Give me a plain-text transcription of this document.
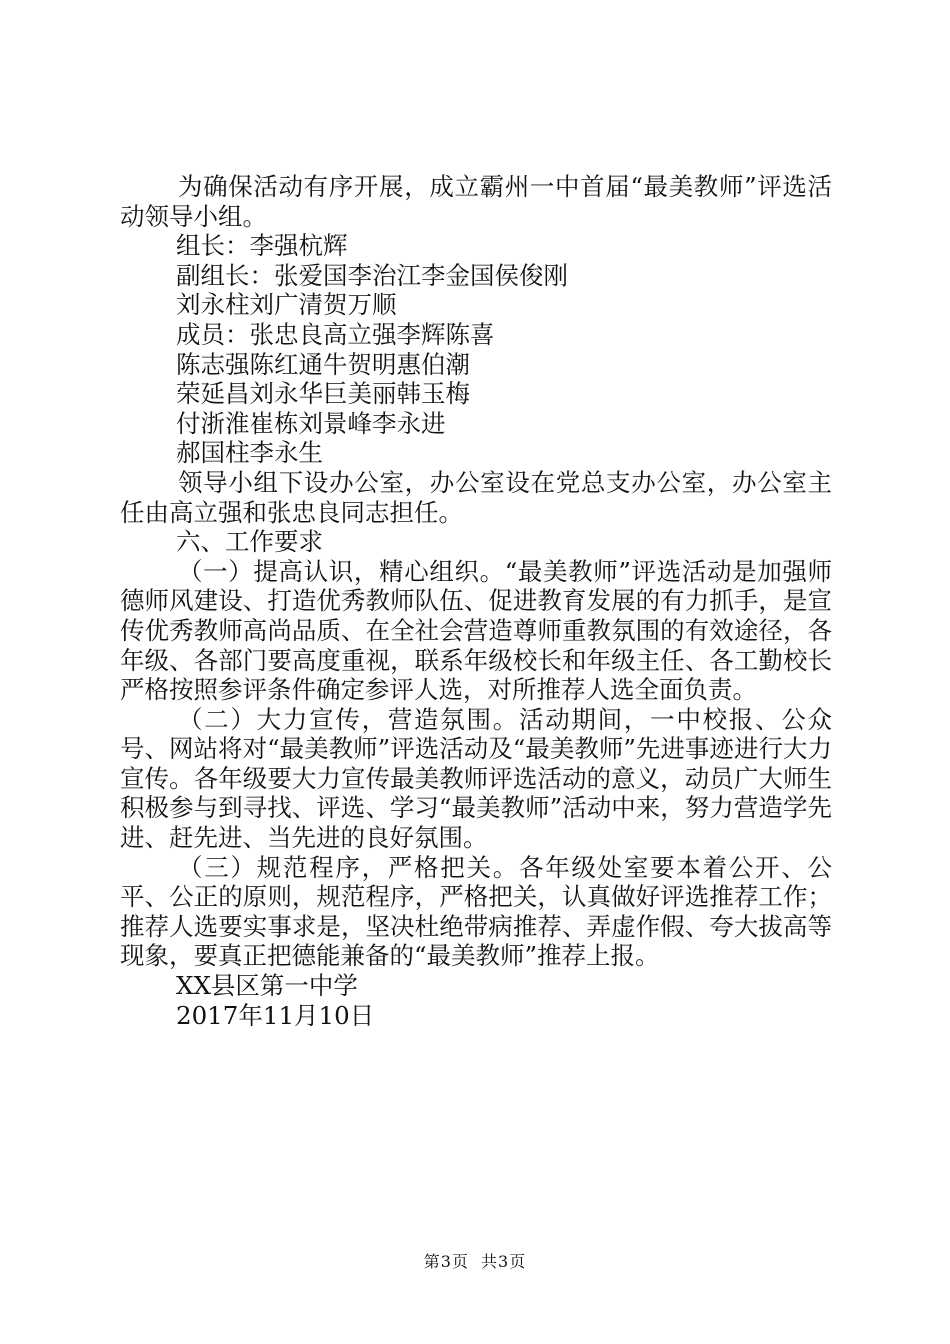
为确保活动有序开展，成立霸州一中首届“最美教师”评选活动领导小组。

组长：李强杭辉

副组长：张爱国李治江李金国侯俊刚

刘永柱刘广清贺万顺

成员：张忠良高立强李辉陈喜

陈志强陈红通牛贺明惠伯潮

荣延昌刘永华巨美丽韩玉梅

付浙淮崔栋刘景峰李永进

郝国柱李永生

领导小组下设办公室，办公室设在党总支办公室，办公室主任由高立强和张忠良同志担任。

六、工作要求

（一）提高认识，精心组织。“最美教师”评选活动是加强师德师风建设、打造优秀教师队伍、促进教育发展的有力抓手，是宣传优秀教师高尚品质、在全社会营造尊师重教氛围的有效途径，各年级、各部门要高度重视，联系年级校长和年级主任、各工勤校长严格按照参评条件确定参评人选，对所推荐人选全面负责。

（二）大力宣传，营造氛围。活动期间，一中校报、公众号、网站将对“最美教师”评选活动及“最美教师”先进事迹进行大力宣传。各年级要大力宣传最美教师评选活动的意义，动员广大师生积极参与到寻找、评选、学习“最美教师”活动中来，努力营造学先进、赶先进、当先进的良好氛围。

（三）规范程序，严格把关。各年级处室要本着公开、公平、公正的原则，规范程序，严格把关，认真做好评选推荐工作；推荐人选要实事求是，坚决杜绝带病推荐、弄虚作假、夸大拔高等现象，要真正把德能兼备的“最美教师”推荐上报。

XX县区第一中学

2017年11月10日

第3页 共3页
